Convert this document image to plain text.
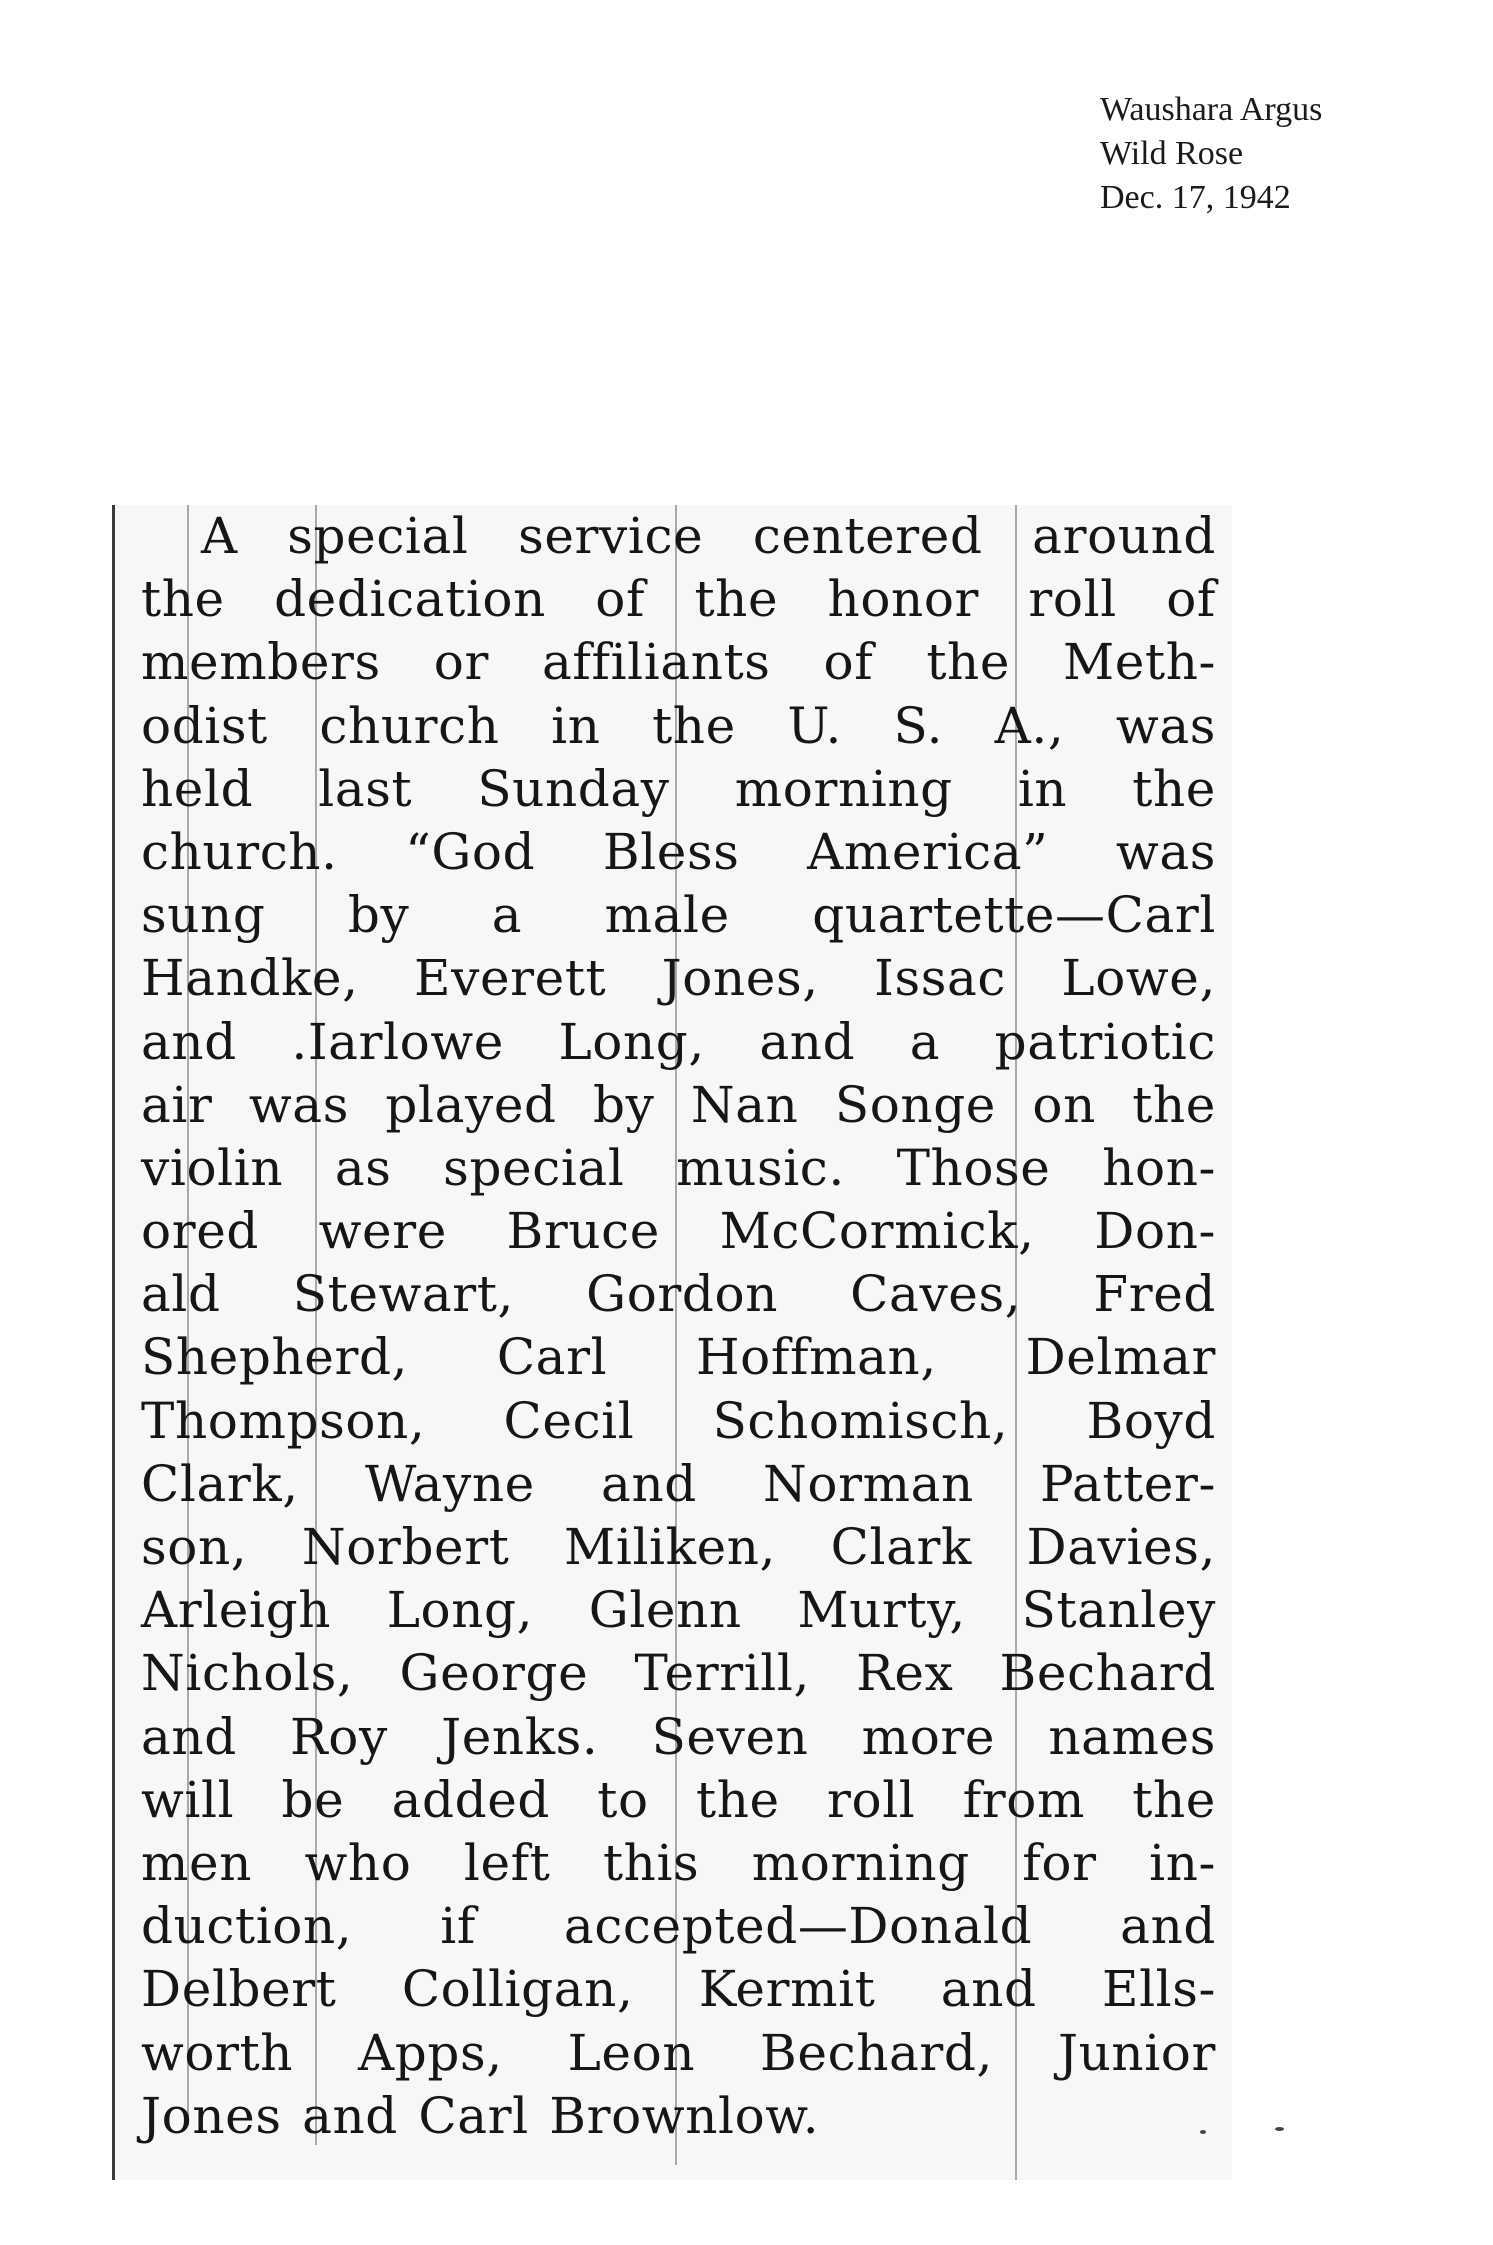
Waushara Argus
Wild Rose
Dec. 17, 1942
A special service centered around
the dedication of the honor roll of
members or affiliants of the Meth-
odist church in the U. S. A., was
held last Sunday morning in the
church. “God Bless America” was
sung by a male quartette—Carl
Handke, Everett Jones, Issac Lowe,
and .Iarlowe Long, and a patriotic
air was played by Nan Songe on the
violin as special music. Those hon-
ored were Bruce McCormick, Don-
ald Stewart, Gordon Caves, Fred
Shepherd, Carl Hoffman, Delmar
Thompson, Cecil Schomisch, Boyd
Clark, Wayne and Norman Patter-
son, Norbert Miliken, Clark Davies,
Arleigh Long, Glenn Murty, Stanley
Nichols, George Terrill, Rex Bechard
and Roy Jenks. Seven more names
will be added to the roll from the
men who left this morning for in-
duction, if accepted—Donald and
Delbert Colligan, Kermit and Ells-
worth Apps, Leon Bechard, Junior
Jones and Carl Brownlow.
